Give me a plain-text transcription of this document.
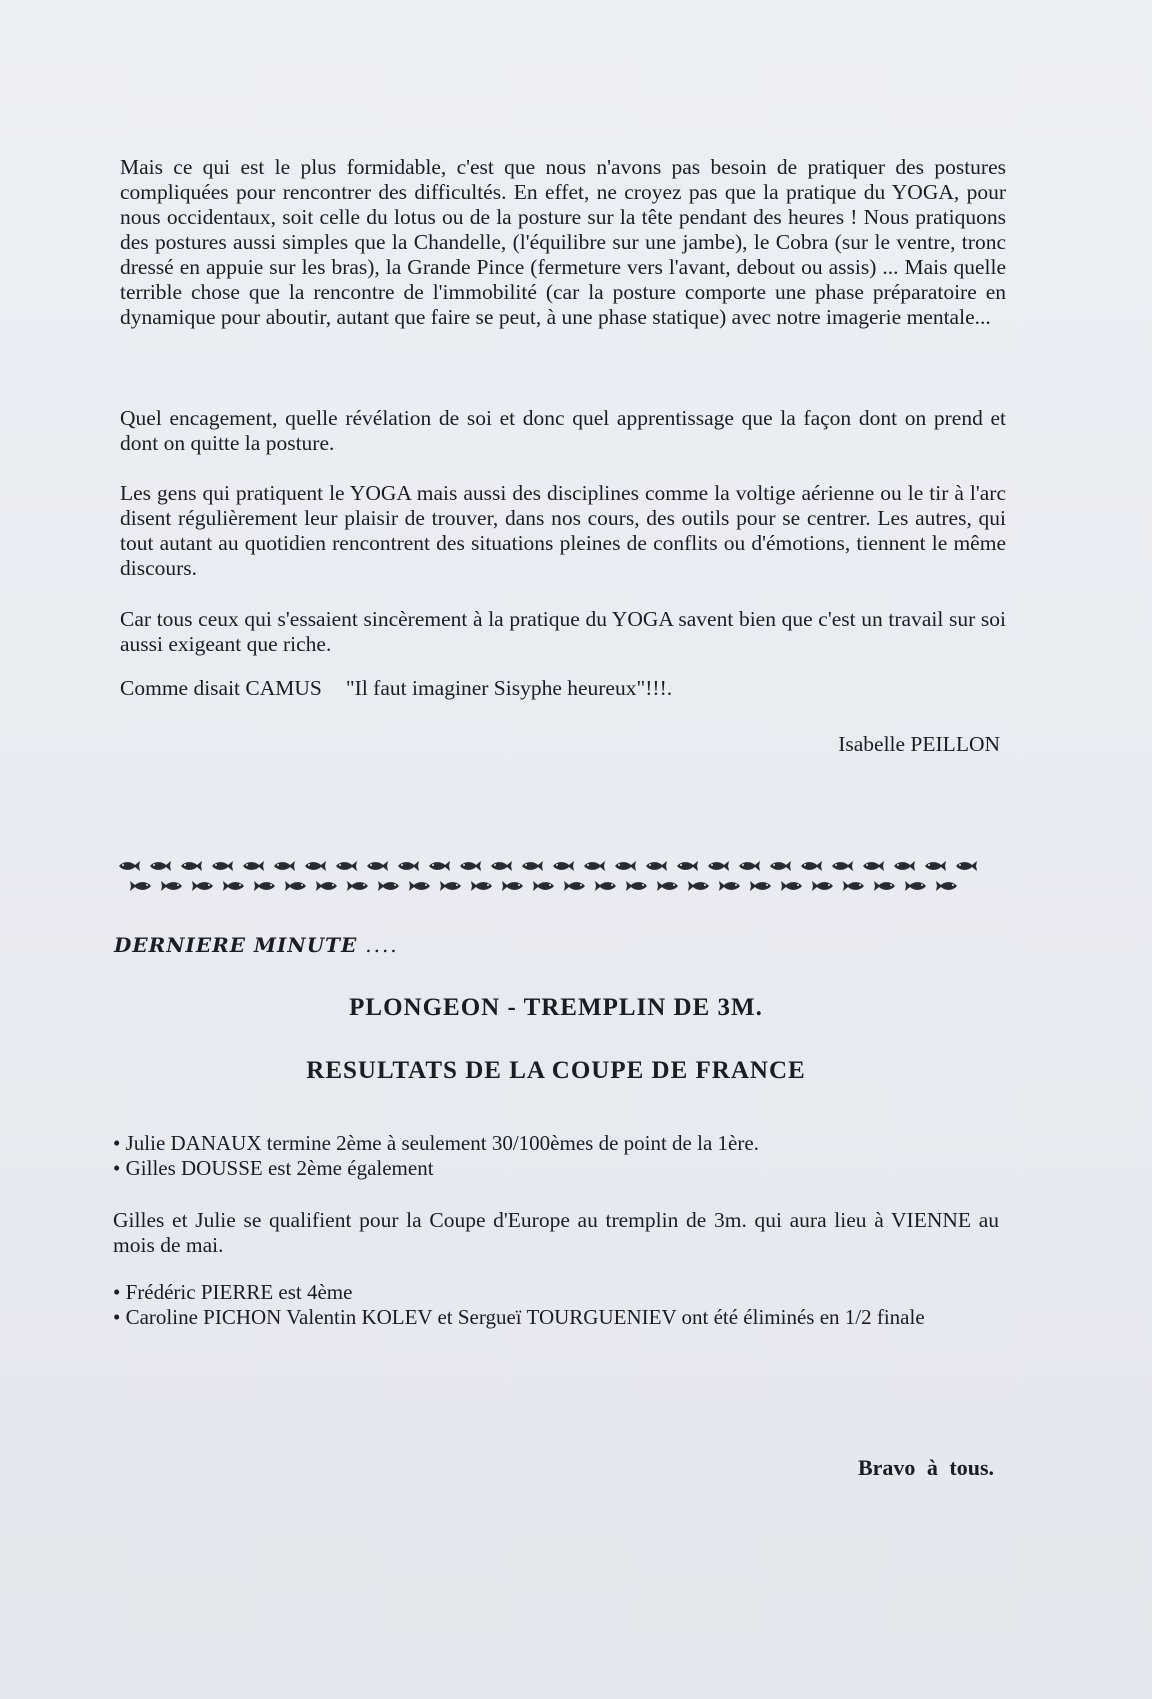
Mais ce qui est le plus formidable, c'est que nous n'avons pas besoin de pratiquer des postures compliquées pour rencontrer des difficultés. En effet, ne croyez pas que la pratique du YOGA, pour nous occidentaux, soit celle du lotus ou de la posture sur la tête pendant des heures ! Nous pratiquons des postures aussi simples que la Chandelle, (l'équilibre sur une jambe), le Cobra (sur le ventre, tronc dressé en appuie sur les bras), la Grande Pince (fermeture vers l'avant, debout ou assis) ... Mais quelle terrible chose que la rencontre de l'immobilité (car la posture comporte une phase préparatoire en dynamique pour aboutir, autant que faire se peut, à une phase statique) avec notre imagerie mentale...

Quel encagement, quelle révélation de soi et donc quel apprentissage que la façon dont on prend et dont on quitte la posture.

Les gens qui pratiquent le YOGA mais aussi des disciplines comme la voltige aérienne ou le tir à l'arc disent régulièrement leur plaisir de trouver, dans nos cours, des outils pour se centrer. Les autres, qui tout autant au quotidien rencontrent des situations pleines de conflits ou d'émotions, tiennent le même discours.

Car tous ceux qui s'essaient sincèrement à la pratique du YOGA savent bien que c'est un travail sur soi aussi exigeant que riche.

Comme disait CAMUS "Il faut imaginer Sisyphe heureux"!!!.

Isabelle PEILLON

DERNIERE MINUTE ....

PLONGEON - TREMPLIN DE 3M.

RESULTATS DE LA COUPE DE FRANCE

• Julie DANAUX termine 2ème à seulement 30/100èmes de point de la 1ère.
• Gilles DOUSSE est 2ème également

Gilles et Julie se qualifient pour la Coupe d'Europe au tremplin de 3m. qui aura lieu à VIENNE au mois de mai.

• Frédéric PIERRE est 4ème
• Caroline PICHON Valentin KOLEV et Sergueï TOURGUENIEV ont été éliminés en 1/2 finale

Bravo à tous.
